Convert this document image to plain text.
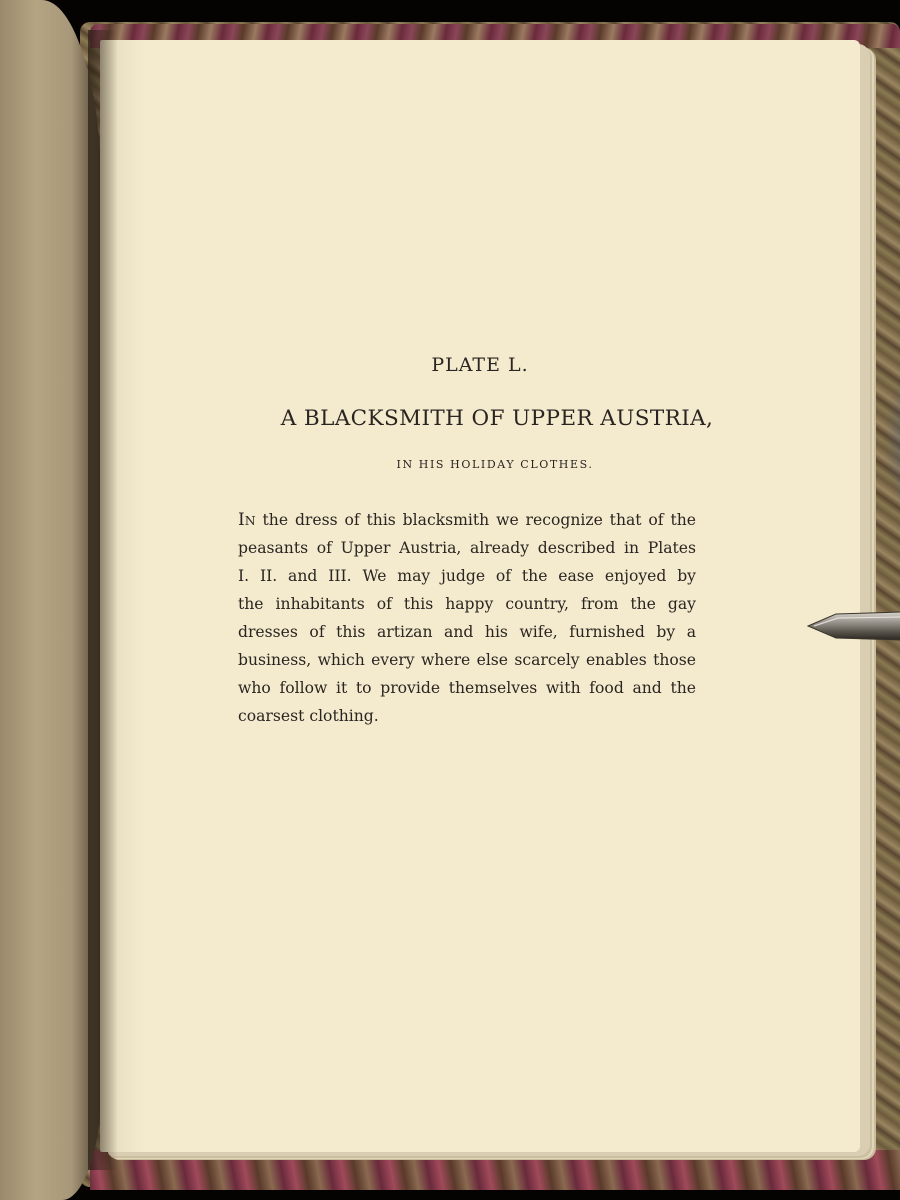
PLATE L.
A BLACKSMITH OF UPPER AUSTRIA,
IN HIS HOLIDAY CLOTHES.
IN the dress of this blacksmith we recognize that of the
peasants of Upper Austria, already described in Plates
I. II. and III. We may judge of the ease enjoyed by
the inhabitants of this happy country, from the gay
dresses of this artizan and his wife, furnished by a
business, which every where else scarcely enables those
who follow it to provide themselves with food and the
coarsest clothing.
